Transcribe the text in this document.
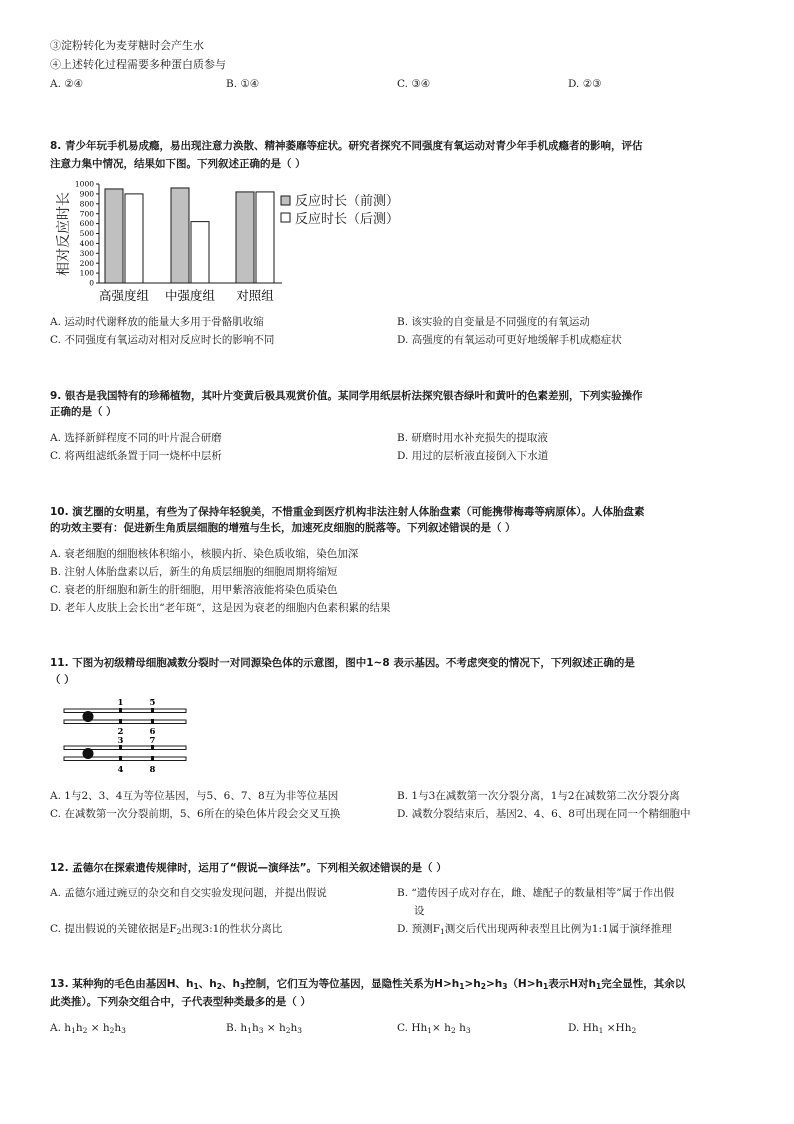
③淀粉转化为麦芽糖时会产生水
④上述转化过程需要多种蛋白质参与
A. ②④	B. ①④	C. ③④	D. ②③
8. 青少年玩手机易成瘾，易出现注意力涣散、精神萎靡等症状。研究者探究不同强度有氧运动对青少年手机成瘾者的影响，评估
注意力集中情况，结果如下图。下列叙述正确的是（ ）
相对反应时长
0
100
200
300
400
500
600
700
800
900
1000
高强度组 中强度组 对照组
反应时长（前测）
反应时长（后测）
A. 运动时代谢释放的能量大多用于骨骼肌收缩	B. 该实验的自变量是不同强度的有氧运动
C. 不同强度有氧运动对相对反应时长的影响不同	D. 高强度的有氧运动可更好地缓解手机成瘾症状
9. 银杏是我国特有的珍稀植物，其叶片变黄后极具观赏价值。某同学用纸层析法探究银杏绿叶和黄叶的色素差别，下列实验操作
正确的是（ ）
A. 选择新鲜程度不同的叶片混合研磨	B. 研磨时用水补充损失的提取液
C. 将两组滤纸条置于同一烧杯中层析	D. 用过的层析液直接倒入下水道
10. 演艺圈的女明星，有些为了保持年轻貌美，不惜重金到医疗机构非法注射人体胎盘素（可能携带梅毒等病原体）。人体胎盘素
的功效主要有：促进新生角质层细胞的增殖与生长，加速死皮细胞的脱落等。下列叙述错误的是（ ）
A. 衰老细胞的细胞核体积缩小，核膜内折、染色质收缩，染色加深
B. 注射人体胎盘素以后，新生的角质层细胞的细胞周期将缩短
C. 衰老的肝细胞和新生的肝细胞，用甲紫溶液能将染色质染色
D. 老年人皮肤上会长出“老年斑”，这是因为衰老的细胞内色素积累的结果
11. 下图为初级精母细胞减数分裂时一对同源染色体的示意图，图中1~8 表示基因。不考虑突变的情况下，下列叙述正确的是
（ ）
1	5
2	6
3	7
4	8
A. 1与2、3、4互为等位基因，与5、6、7、8互为非等位基因	B. 1与3在减数第一次分裂分离，1与2在减数第二次分裂分离
C. 在减数第一次分裂前期，5、6所在的染色体片段会交叉互换	D. 减数分裂结束后，基因2、4、6、8可出现在同一个精细胞中
12. 孟德尔在探索遗传规律时，运用了“假说—演绎法”。下列相关叙述错误的是（ ）
A. 孟德尔通过豌豆的杂交和自交实验发现问题，并提出假说	B. “遗传因子成对存在，雌、雄配子的数量相等”属于作出假
设
C. 提出假说的关键依据是$F_2$出现3:1的性状分离比	D. 预测$F_1$测交后代出现两种表型且比例为1:1属于演绎推理
13. 某种狗的毛色由基因H、$h_1$、$h_2$、$h_3$控制，它们互为等位基因，显隐性关系为$H>h_1>h_2>h_3(H>h_1$表示H对$h_1$完全显性，其余以
此类推）。下列杂交组合中，子代表型种类最多的是（ ）
A. $h_1h_2 \times h_2h_3$	B. $h_1h_3 \times h_2h_3$	C. $Hh_1\times h_2$ $h_3$	D. $Hh_1 \times Hh_2$
